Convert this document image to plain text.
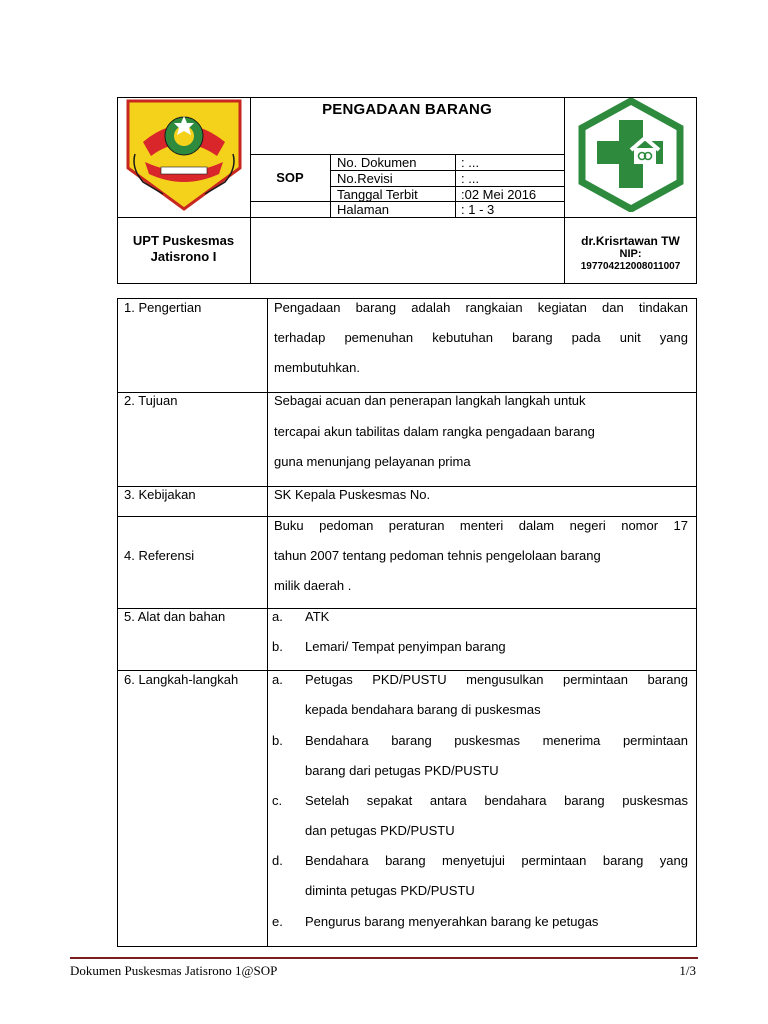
PENGADAAN BARANG
SOP
No. Dokumen	: ...
No.Revisi	: ...
Tanggal Terbit	:02 Mei 2016
Halaman	: 1 - 3
UPT Puskesmas
Jatisrono I
dr.Krisrtawan TW
NIP:
197704212008011007
1. Pengertian	Pengadaan barang adalah rangkaian kegiatan dan tindakan
terhadap pemenuhan kebutuhan barang pada unit yang
membutuhkan.
2. Tujuan	Sebagai acuan dan penerapan langkah langkah untuk
tercapai akun tabilitas dalam rangka pengadaan barang
guna menunjang pelayanan prima
3. Kebijakan	SK Kepala Puskesmas No.
4. Referensi
Buku pedoman peraturan menteri dalam negeri nomor 17
tahun 2007 tentang pedoman tehnis pengelolaan barang
milik daerah .
5. Alat dan bahan	a. ATK
b. Lemari/ Tempat penyimpan barang
6. Langkah-langkah	a. Petugas PKD/PUSTU mengusulkan permintaan barang
kepada bendahara barang di puskesmas
b. Bendahara barang puskesmas menerima permintaan
barang dari petugas PKD/PUSTU
c. Setelah sepakat antara bendahara barang puskesmas
dan petugas PKD/PUSTU
d. Bendahara barang menyetujui permintaan barang yang
diminta petugas PKD/PUSTU
e. Pengurus barang menyerahkan barang ke petugas
Dokumen Puskesmas Jatisrono 1@SOP	1/3
